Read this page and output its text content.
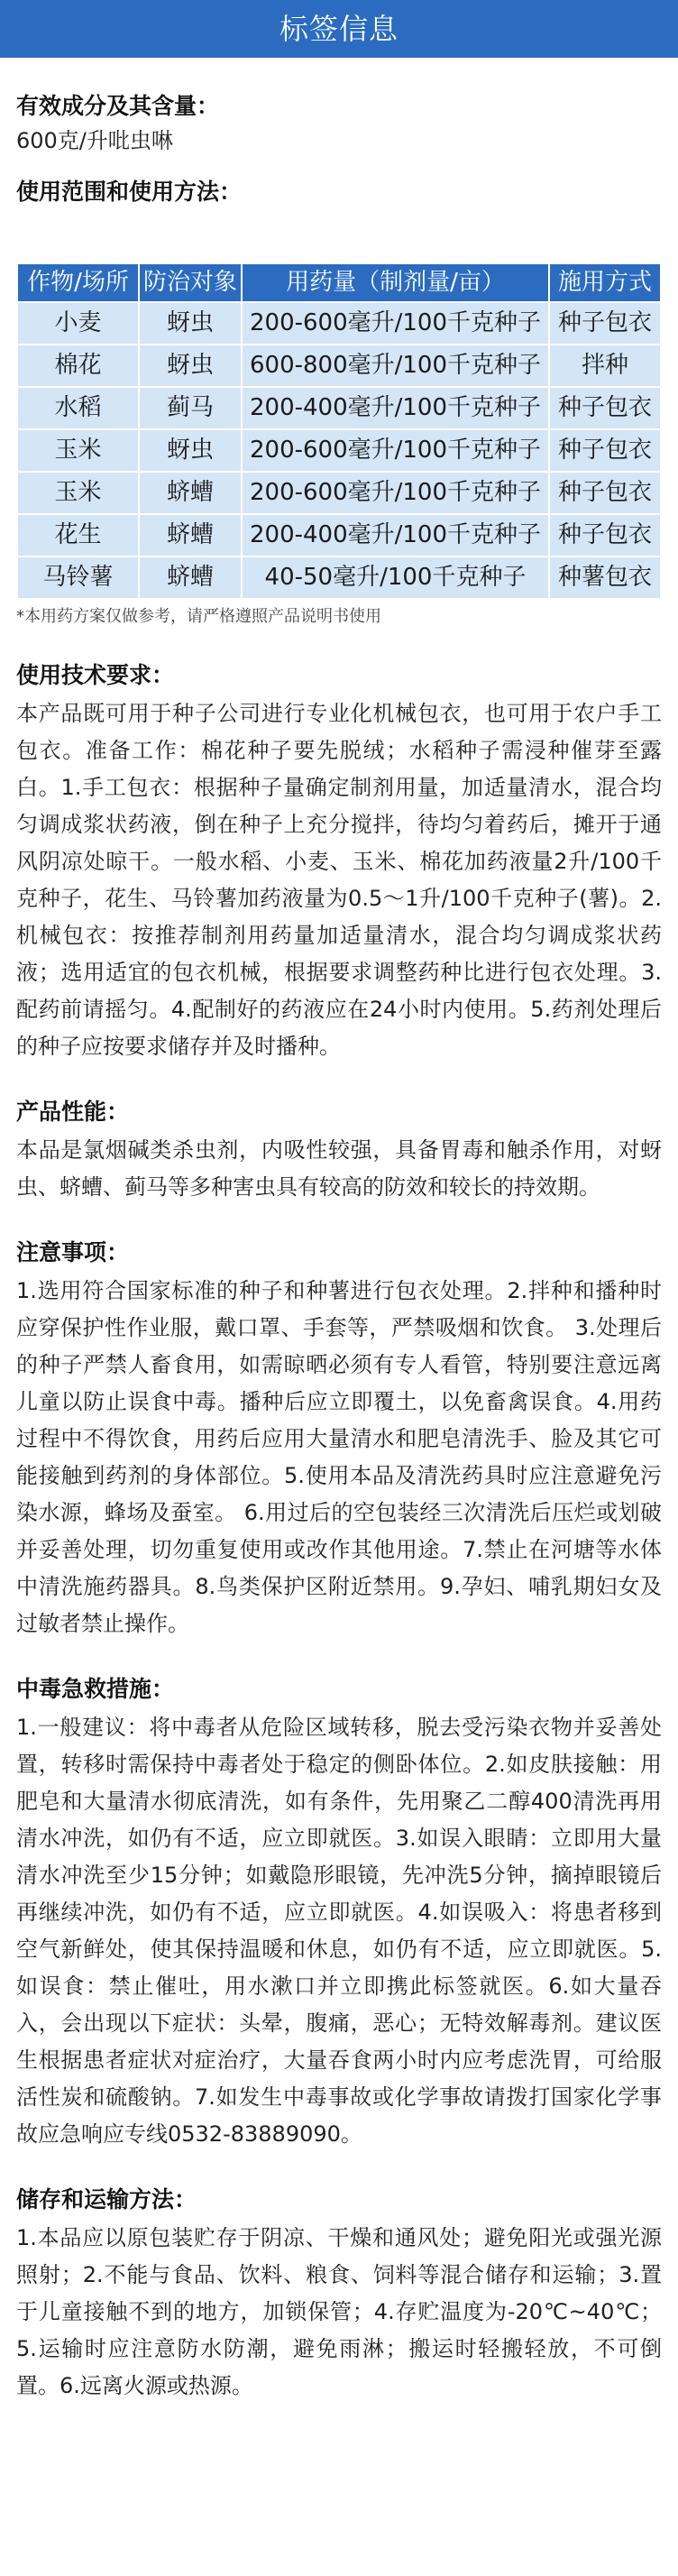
标签信息

有效成分及其含量：

600克/升吡虫啉

使用范围和使用方法：

作物/场所	防治对象	用药量（制剂量/亩）	施用方式
小麦	蚜虫	200-600毫升/100千克种子	种子包衣
棉花	蚜虫	600-800毫升/100千克种子	拌种
水稻	蓟马	200-400毫升/100千克种子	种子包衣
玉米	蚜虫	200-600毫升/100千克种子	种子包衣
玉米	蛴螬	200-600毫升/100千克种子	种子包衣
花生	蛴螬	200-400毫升/100千克种子	种子包衣
马铃薯	蛴螬	40-50毫升/100千克种子	种薯包衣

*本用药方案仅做参考，请严格遵照产品说明书使用

使用技术要求：

本产品既可用于种子公司进行专业化机械包衣，也可用于农户手工包衣。准备工作：棉花种子要先脱绒；水稻种子需浸种催芽至露白。1.手工包衣：根据种子量确定制剂用量，加适量清水，混合均匀调成浆状药液，倒在种子上充分搅拌，待均匀着药后，摊开于通风阴凉处晾干。一般水稻、小麦、玉米、棉花加药液量2升/100千克种子，花生、马铃薯加药液量为0.5～1升/100千克种子(薯)。2.机械包衣：按推荐制剂用药量加适量清水，混合均匀调成浆状药液；选用适宜的包衣机械，根据要求调整药种比进行包衣处理。3.配药前请摇匀。4.配制好的药液应在24小时内使用。5.药剂处理后的种子应按要求储存并及时播种。

产品性能：

本品是氯烟碱类杀虫剂，内吸性较强，具备胃毒和触杀作用，对蚜虫、蛴螬、蓟马等多种害虫具有较高的防效和较长的持效期。

注意事项：

1.选用符合国家标准的种子和种薯进行包衣处理。2.拌种和播种时应穿保护性作业服，戴口罩、手套等，严禁吸烟和饮食。 3.处理后的种子严禁人畜食用，如需晾晒必须有专人看管，特别要注意远离儿童以防止误食中毒。播种后应立即覆土，以免畜禽误食。4.用药过程中不得饮食，用药后应用大量清水和肥皂清洗手、脸及其它可能接触到药剂的身体部位。5.使用本品及清洗药具时应注意避免污染水源，蜂场及蚕室。 6.用过后的空包装经三次清洗后压烂或划破并妥善处理，切勿重复使用或改作其他用途。7.禁止在河塘等水体中清洗施药器具。8.鸟类保护区附近禁用。9.孕妇、哺乳期妇女及过敏者禁止操作。

中毒急救措施：

1.一般建议：将中毒者从危险区域转移，脱去受污染衣物并妥善处置，转移时需保持中毒者处于稳定的侧卧体位。2.如皮肤接触：用肥皂和大量清水彻底清洗，如有条件，先用聚乙二醇400清洗再用清水冲洗，如仍有不适，应立即就医。3.如误入眼睛：立即用大量清水冲洗至少15分钟；如戴隐形眼镜，先冲洗5分钟，摘掉眼镜后再继续冲洗，如仍有不适，应立即就医。4.如误吸入：将患者移到空气新鲜处，使其保持温暖和休息，如仍有不适，应立即就医。5.如误食：禁止催吐，用水漱口并立即携此标签就医。6.如大量吞入，会出现以下症状：头晕，腹痛，恶心；无特效解毒剂。建议医生根据患者症状对症治疗，大量吞食两小时内应考虑洗胃，可给服活性炭和硫酸钠。7.如发生中毒事故或化学事故请拨打国家化学事故应急响应专线0532-83889090。

储存和运输方法：

1.本品应以原包装贮存于阴凉、干燥和通风处；避免阳光或强光源照射；2.不能与食品、饮料、粮食、饲料等混合储存和运输；3.置于儿童接触不到的地方，加锁保管；4.存贮温度为-20℃~40℃；5.运输时应注意防水防潮，避免雨淋；搬运时轻搬轻放，不可倒置。6.远离火源或热源。
